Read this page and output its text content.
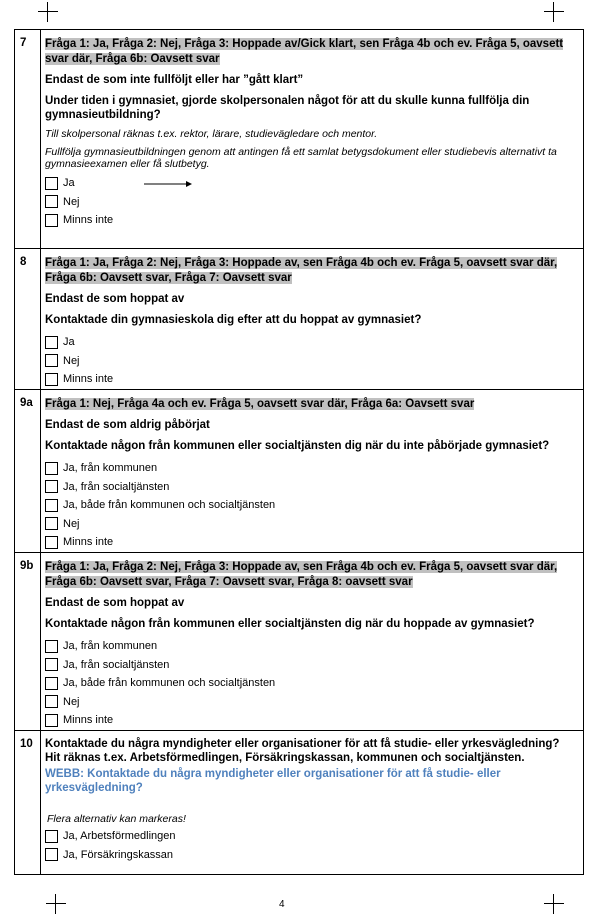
7	Fråga 1: Ja, Fråga 2: Nej, Fråga 3: Hoppade av/Gick klart, sen Fråga 4b och ev. Fråga 5, oavsett svar där, Fråga 6b: Oavsett svar
Endast de som inte fullföljt eller har ”gått klart”
Under tiden i gymnasiet, gjorde skolpersonalen något för att du skulle kunna fullfölja din gymnasieutbildning?
Till skolpersonal räknas t.ex. rektor, lärare, studievägledare och mentor.
Fullfölja gymnasieutbildningen genom att antingen få ett samlat betygsdokument eller studiebevis alternativt ta gymnasieexamen eller få slutbetyg.
Ja
Nej
Minns inte
8	Fråga 1: Ja, Fråga 2: Nej, Fråga 3: Hoppade av, sen Fråga 4b och ev. Fråga 5, oavsett svar där, Fråga 6b: Oavsett svar, Fråga 7: Oavsett svar
Endast de som hoppat av
Kontaktade din gymnasieskola dig efter att du hoppat av gymnasiet?
Ja
Nej
Minns inte
9a	Fråga 1: Nej, Fråga 4a och ev. Fråga 5, oavsett svar där, Fråga 6a: Oavsett svar
Endast de som aldrig påbörjat
Kontaktade någon från kommunen eller socialtjänsten dig när du inte påbörjade gymnasiet?
Ja, från kommunen
Ja, från socialtjänsten
Ja, både från kommunen och socialtjänsten
Nej
Minns inte
9b	Fråga 1: Ja, Fråga 2: Nej, Fråga 3: Hoppade av, sen Fråga 4b och ev. Fråga 5, oavsett svar där, Fråga 6b: Oavsett svar, Fråga 7: Oavsett svar, Fråga 8: oavsett svar
Endast de som hoppat av
Kontaktade någon från kommunen eller socialtjänsten dig när du hoppade av gymnasiet?
Ja, från kommunen
Ja, från socialtjänsten
Ja, både från kommunen och socialtjänsten
Nej
Minns inte
10	Kontaktade du några myndigheter eller organisationer för att få studie- eller yrkesvägledning? Hit räknas t.ex. Arbetsförmedlingen, Försäkringskassan, kommunen och socialtjänsten.
WEBB: Kontaktade du några myndigheter eller organisationer för att få studie- eller yrkesvägledning?
Flera alternativ kan markeras!
Ja, Arbetsförmedlingen
Ja, Försäkringskassan
4
